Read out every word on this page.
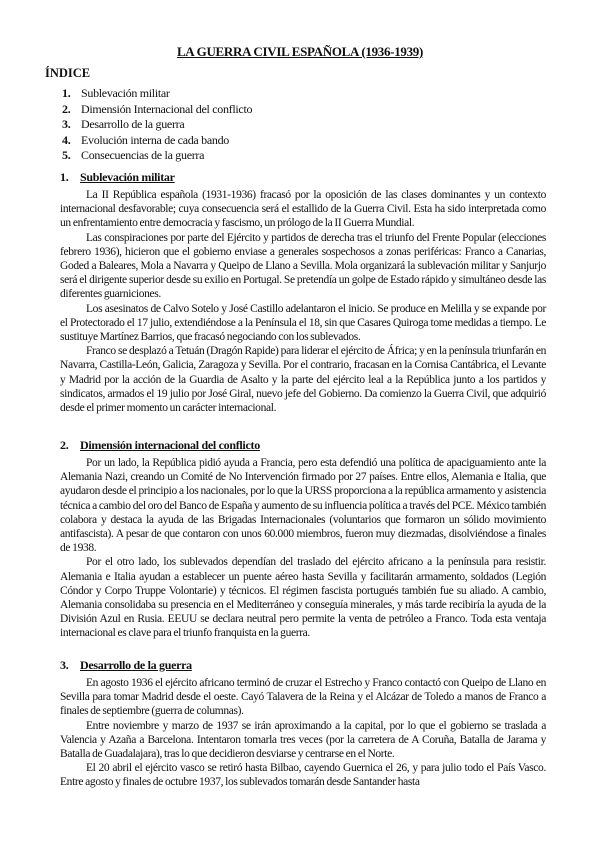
LA GUERRA CIVIL ESPAÑOLA (1936-1939)
ÍNDICE
1. Sublevación militar
2. Dimensión Internacional del conflicto
3. Desarrollo de la guerra
4. Evolución interna de cada bando
5. Consecuencias de la guerra
1. Sublevación militar

La II República española (1931-1936) fracasó por la oposición de las clases dominantes y un contexto internacional desfavorable; cuya consecuencia será el estallido de la Guerra Civil. Esta ha sido interpretada como un enfrentamiento entre democracia y fascismo, un prólogo de la II Guerra Mundial.

Las conspiraciones por parte del Ejército y partidos de derecha tras el triunfo del Frente Popular (elecciones febrero 1936), hicieron que el gobierno enviase a generales sospechosos a zonas periféricas: Franco a Canarias, Goded a Baleares, Mola a Navarra y Queipo de Llano a Sevilla. Mola organizará la sublevación militar y Sanjurjo será el dirigente superior desde su exilio en Portugal. Se pretendía un golpe de Estado rápido y simultáneo desde las diferentes guarniciones.

Los asesinatos de Calvo Sotelo y José Castillo adelantaron el inicio. Se produce en Melilla y se expande por el Protectorado el 17 julio, extendiéndose a la Península el 18, sin que Casares Quiroga tome medidas a tiempo. Le sustituye Martínez Barrios, que fracasó negociando con los sublevados.

Franco se desplazó a Tetuán (Dragón Rapide) para liderar el ejército de África; y en la península triunfarán en Navarra, Castilla-León, Galicia, Zaragoza y Sevilla. Por el contrario, fracasan en la Cornisa Cantábrica, el Levante y Madrid por la acción de la Guardia de Asalto y la parte del ejército leal a la República junto a los partidos y sindicatos, armados el 19 julio por José Giral, nuevo jefe del Gobierno. Da comienzo la Guerra Civil, que adquirió desde el primer momento un carácter internacional.

2. Dimensión internacional del conflicto

Por un lado, la República pidió ayuda a Francia, pero esta defendió una política de apaciguamiento ante la Alemania Nazi, creando un Comité de No Intervención firmado por 27 países. Entre ellos, Alemania e Italia, que ayudaron desde el principio a los nacionales, por lo que la URSS proporciona a la república armamento y asistencia técnica a cambio del oro del Banco de España y aumento de su influencia política a través del PCE. México también colabora y destaca la ayuda de las Brigadas Internacionales (voluntarios que formaron un sólido movimiento antifascista). A pesar de que contaron con unos 60.000 miembros, fueron muy diezmadas, disolviéndose a finales de 1938.

Por el otro lado, los sublevados dependían del traslado del ejército africano a la península para resistir. Alemania e Italia ayudan a establecer un puente aéreo hasta Sevilla y facilitarán armamento, soldados (Legión Cóndor y Corpo Truppe Volontarie) y técnicos. El régimen fascista portugués también fue su aliado. A cambio, Alemania consolidaba su presencia en el Mediterráneo y conseguía minerales, y más tarde recibiría la ayuda de la División Azul en Rusia. EEUU se declara neutral pero permite la venta de petróleo a Franco. Toda esta ventaja internacional es clave para el triunfo franquista en la guerra.

3. Desarrollo de la guerra

En agosto 1936 el ejército africano terminó de cruzar el Estrecho y Franco contactó con Queipo de Llano en Sevilla para tomar Madrid desde el oeste. Cayó Talavera de la Reina y el Alcázar de Toledo a manos de Franco a finales de septiembre (guerra de columnas).

Entre noviembre y marzo de 1937 se irán aproximando a la capital, por lo que el gobierno se traslada a Valencia y Azaña a Barcelona. Intentaron tomarla tres veces (por la carretera de A Coruña, Batalla de Jarama y Batalla de Guadalajara), tras lo que decidieron desviarse y centrarse en el Norte.

El 20 abril el ejército vasco se retiró hasta Bilbao, cayendo Guernica el 26, y para julio todo el País Vasco. Entre agosto y finales de octubre 1937, los sublevados tomarán desde Santander hasta
